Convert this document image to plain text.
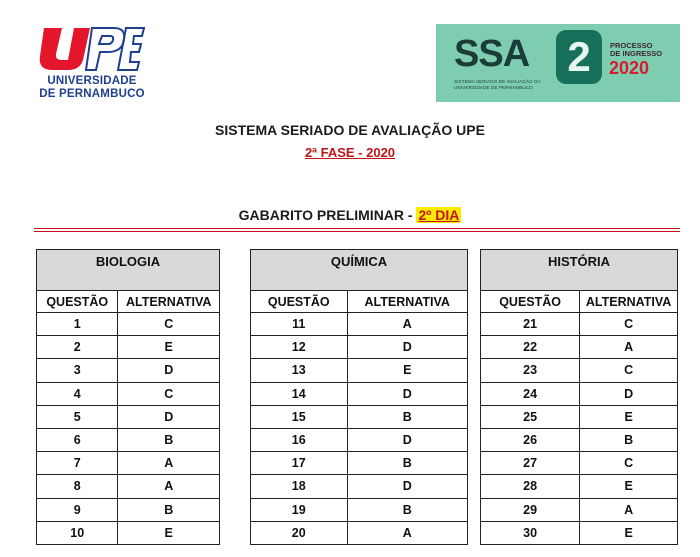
UNIVERSIDADE
DE PERNAMBUCO
SSA 2
SISTEMA SERIADO DE AVALIAÇÃO DA UNIVERSIDADE DE PERNAMBUCO
PROCESSO
DE INGRESSO
2020
SISTEMA SERIADO DE AVALIAÇÃO UPE
2ª FASE - 2020
GABARITO PRELIMINAR - 2º DIA
BIOLOGIA	
QUESTÃO	ALTERNATIVA
1	C
2	E
3	D
4	C
5	D
6	B
7	A
8	A
9	B
10	E
QUÍMICA	
QUESTÃO	ALTERNATIVA
11	A
12	D
13	E
14	D
15	B
16	D
17	B
18	D
19	B
20	A
HISTÓRIA	
QUESTÃO	ALTERNATIVA
21	C
22	A
23	C
24	D
25	E
26	B
27	C
28	E
29	A
30	E
